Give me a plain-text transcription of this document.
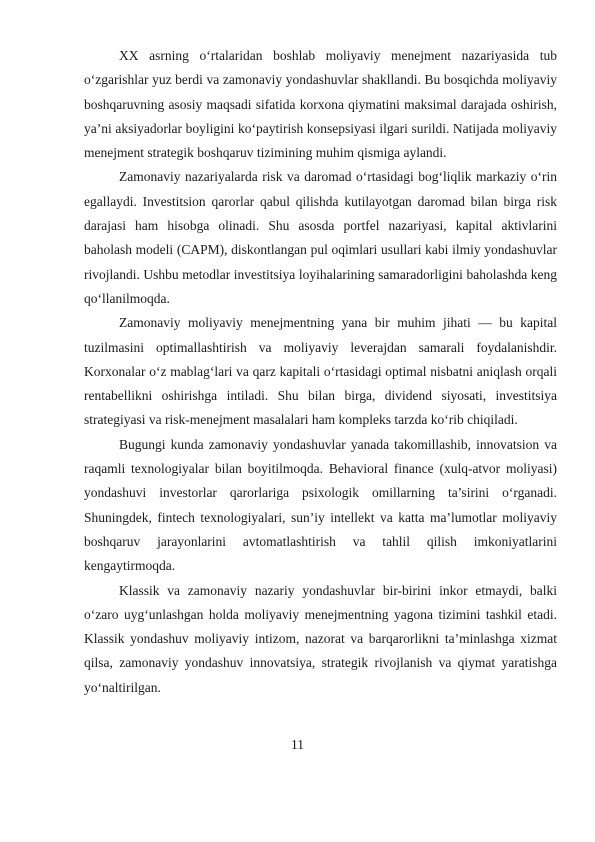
XX asrning o‘rtalaridan boshlab moliyaviy menejment nazariyasida tub o‘zgarishlar yuz berdi va zamonaviy yondashuvlar shakllandi. Bu bosqichda moliyaviy boshqaruvning asosiy maqsadi sifatida korxona qiymatini maksimal darajada oshirish, ya’ni aksiyadorlar boyligini ko‘paytirish konsepsiyasi ilgari surildi. Natijada moliyaviy menejment strategik boshqaruv tizimining muhim qismiga aylandi.

Zamonaviy nazariyalarda risk va daromad o‘rtasidagi bog‘liqlik markaziy o‘rin egallaydi. Investitsion qarorlar qabul qilishda kutilayotgan daromad bilan birga risk darajasi ham hisobga olinadi. Shu asosda portfel nazariyasi, kapital aktivlarini baholash modeli (CAPM), diskontlangan pul oqimlari usullari kabi ilmiy yondashuvlar rivojlandi. Ushbu metodlar investitsiya loyihalarining samaradorligini baholashda keng qo‘llanilmoqda.

Zamonaviy moliyaviy menejmentning yana bir muhim jihati — bu kapital tuzilmasini optimallashtirish va moliyaviy leverajdan samarali foydalanishdir. Korxonalar o‘z mablag‘lari va qarz kapitali o‘rtasidagi optimal nisbatni aniqlash orqali rentabellikni oshirishga intiladi. Shu bilan birga, dividend siyosati, investitsiya strategiyasi va risk-menejment masalalari ham kompleks tarzda ko‘rib chiqiladi.

Bugungi kunda zamonaviy yondashuvlar yanada takomillashib, innovatsion va raqamli texnologiyalar bilan boyitilmoqda. Behavioral finance (xulq-atvor moliyasi) yondashuvi investorlar qarorlariga psixologik omillarning ta’sirini o‘rganadi. Shuningdek, fintech texnologiyalari, sun’iy intellekt va katta ma’lumotlar moliyaviy boshqaruv jarayonlarini avtomatlashtirish va tahlil qilish imkoniyatlarini kengaytirmoqda.

Klassik va zamonaviy nazariy yondashuvlar bir-birini inkor etmaydi, balki o‘zaro uyg‘unlashgan holda moliyaviy menejmentning yagona tizimini tashkil etadi. Klassik yondashuv moliyaviy intizom, nazorat va barqarorlikni ta’minlashga xizmat qilsa, zamonaviy yondashuv innovatsiya, strategik rivojlanish va qiymat yaratishga yo‘naltirilgan.

11
